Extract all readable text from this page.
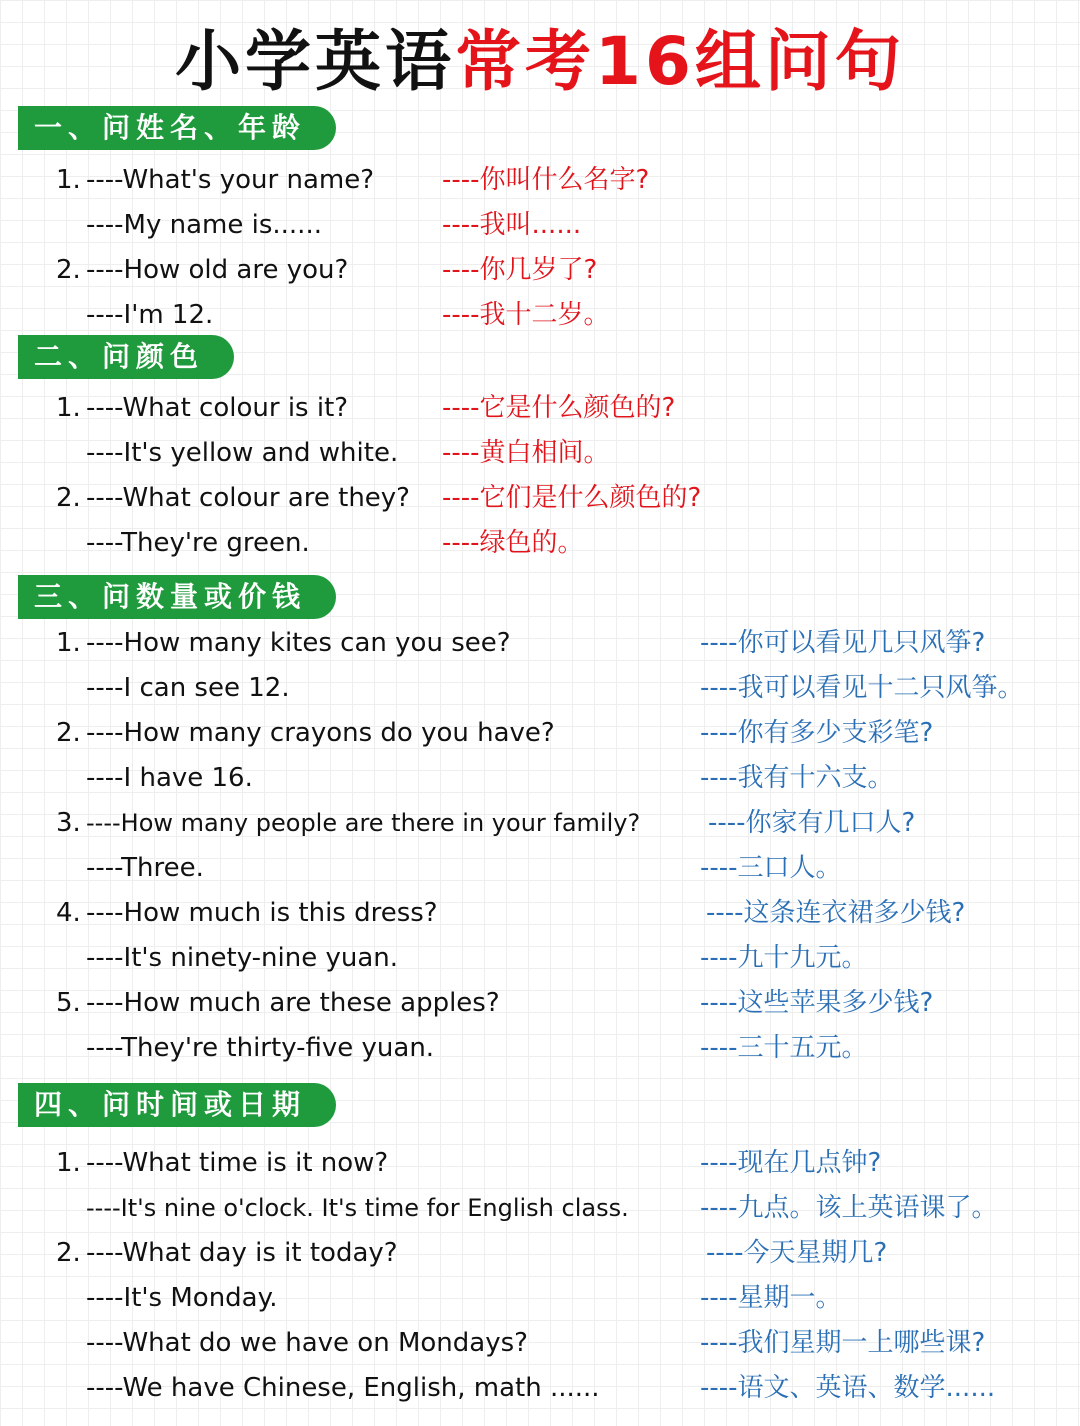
小学英语常考16组问句
一、问姓名、年龄
1. ----What's your name?	----你叫什么名字?
----My name is......	----我叫......
2. ----How old are you?	----你几岁了?
----I'm 12.	----我十二岁。
二、问颜色
1. ----What colour is it?	----它是什么颜色的?
----It's yellow and white. ----黄白相间。
2. ----What colour are they? ----它们是什么颜色的?
----They're green.	----绿色的。
三、问数量或价钱
1. ----How many kites can you see?	----你可以看见几只风筝?
----I can see 12.	----我可以看见十二只风筝。
2. ----How many crayons do you have?	----你有多少支彩笔?
----I have 16.	----我有十六支。
3. ----How many people are there in your family?	----你家有几口人?
----Three.	----三口人。
4. ----How much is this dress?	----这条连衣裙多少钱?
----It's ninety-nine yuan.	----九十九元。
5. ----How much are these apples?	----这些苹果多少钱?
----They're thirty-five yuan.	----三十五元。
四、问时间或日期
1. ----What time is it now?	----现在几点钟?
----It's nine o'clock. It's time for English class.	----九点。该上英语课了。
2. ----What day is it today?	----今天星期几?
----It's Monday.	----星期一。
----What do we have on Mondays?	----我们星期一上哪些课?
----We have Chinese, English, math ......	----语文、英语、数学......
